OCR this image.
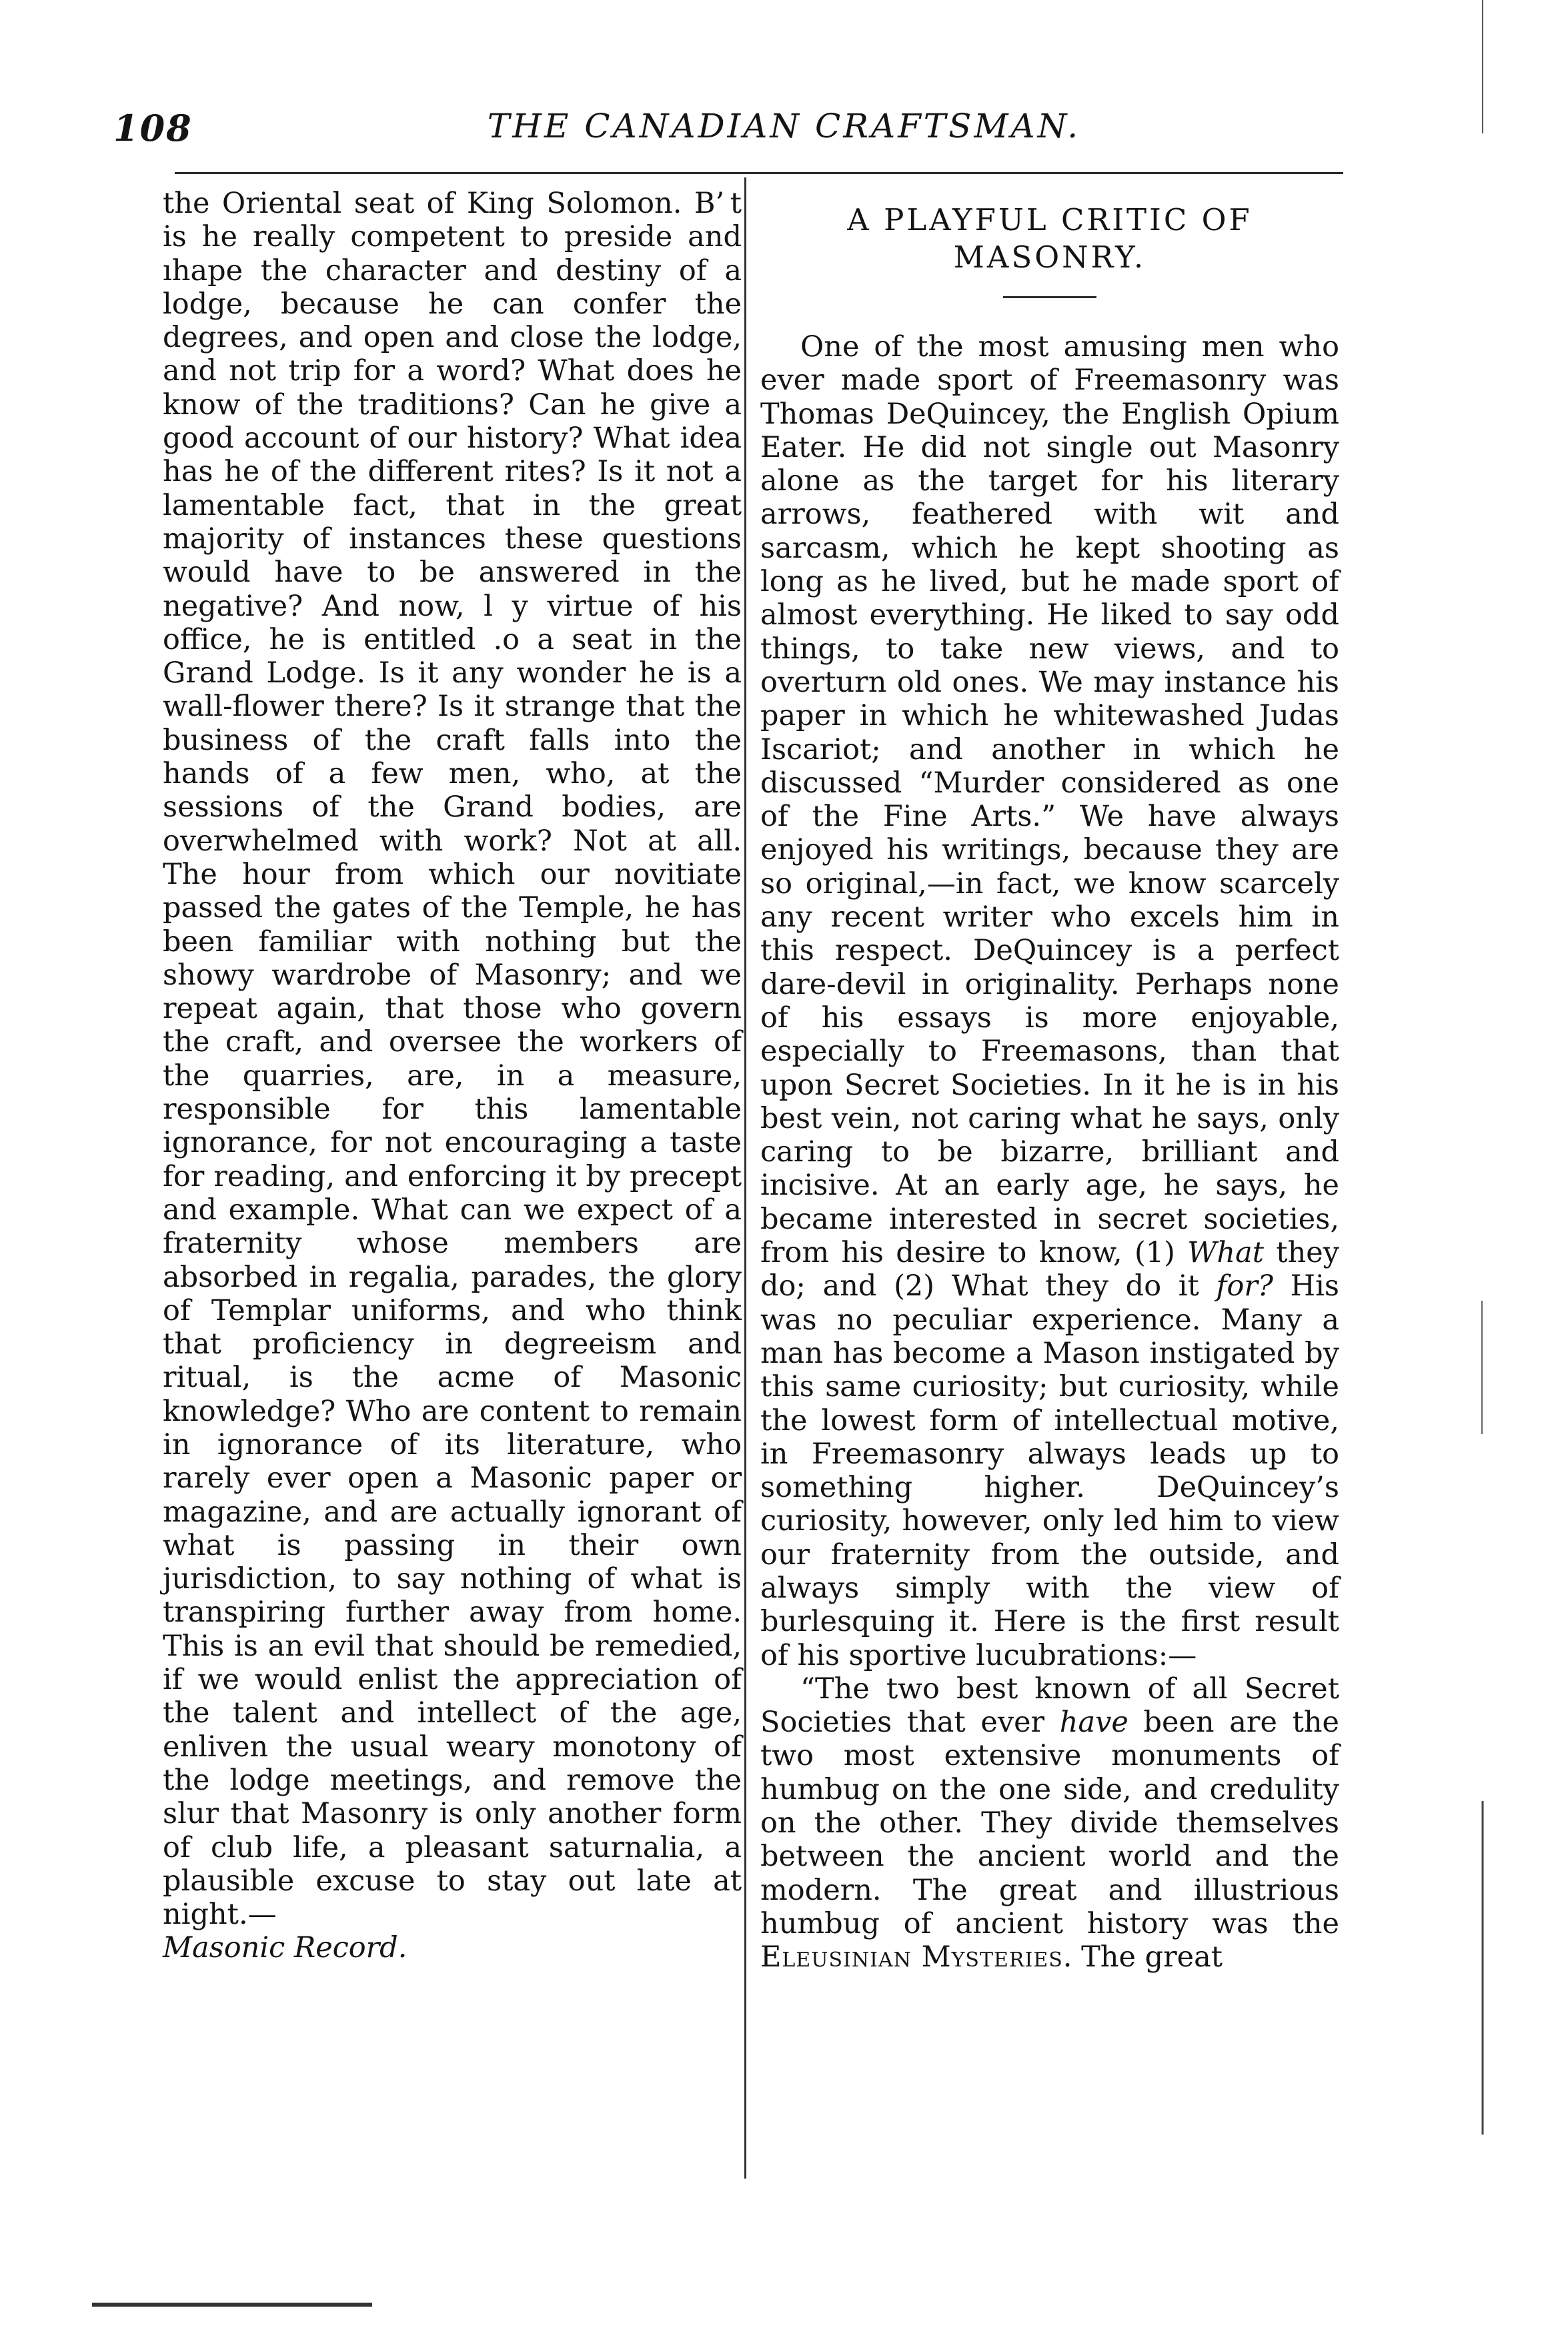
108	THE CANADIAN CRAFTSMAN.

the Oriental seat of King Solomon. B’ t is he really competent to preside and ıhape the character and destiny of a lodge, because he can confer the degrees, and open and close the lodge, and not trip for a word? What does he know of the traditions? Can he give a good account of our history? What idea has he of the different rites? Is it not a lamentable fact, that in the great majority of instances these questions would have to be answered in the negative? And now, l y virtue of his office, he is entitled .o a seat in the Grand Lodge. Is it any wonder he is a wall-flower there? Is it strange that the business of the craft falls into the hands of a few men, who, at the sessions of the Grand bodies, are overwhelmed with work? Not at all. The hour from which our novitiate passed the gates of the Temple, he has been familiar with nothing but the showy wardrobe of Masonry; and we repeat again, that those who govern the craft, and oversee the workers of the quarries, are, in a measure, responsible for this lamentable ignorance, for not encouraging a taste for reading, and enforcing it by precept and example. What can we expect of a fraternity whose members are absorbed in regalia, parades, the glory of Templar uniforms, and who think that proficiency in degreeism and ritual, is the acme of Masonic knowledge? Who are content to remain in ignorance of its literature, who rarely ever open a Masonic paper or magazine, and are actually ignorant of what is passing in their own jurisdiction, to say nothing of what is transpiring further away from home. This is an evil that should be remedied, if we would enlist the appreciation of the talent and intellect of the age, enliven the usual weary monotony of the lodge meetings, and remove the slur that Masonry is only another form of club life, a pleasant saturnalia, a plausible excuse to stay out late at night.—
Masonic Record.

A PLAYFUL CRITIC OF
MASONRY.

One of the most amusing men who ever made sport of Freemasonry was Thomas DeQuincey, the English Opium Eater. He did not single out Masonry alone as the target for his literary arrows, feathered with wit and sarcasm, which he kept shooting as long as he lived, but he made sport of almost everything. He liked to say odd things, to take new views, and to overturn old ones. We may instance his paper in which he whitewashed Judas Iscariot; and another in which he discussed “Murder considered as one of the Fine Arts.” We have always enjoyed his writings, because they are so original,—in fact, we know scarcely any recent writer who excels him in this respect. DeQuincey is a perfect dare-devil in originality. Perhaps none of his essays is more enjoyable, especially to Freemasons, than that upon Secret Societies. In it he is in his best vein, not caring what he says, only caring to be bizarre, brilliant and incisive. At an early age, he says, he became interested in secret societies, from his desire to know, (1) What they do; and (2) What they do it for? His was no peculiar experience. Many a man has become a Mason instigated by this same curiosity; but curiosity, while the lowest form of intellectual motive, in Freemasonry always leads up to something higher. DeQuincey’s curiosity, however, only led him to view our fraternity from the outside, and always simply with the view of burlesquing it. Here is the first result of his sportive lucubrations:—

“The two best known of all Secret Societies that ever have been are the two most extensive monuments of humbug on the one side, and credulity on the other. They divide themselves between the ancient world and the modern. The great and illustrious humbug of ancient history was the Eleusinian Mysteries. The great
